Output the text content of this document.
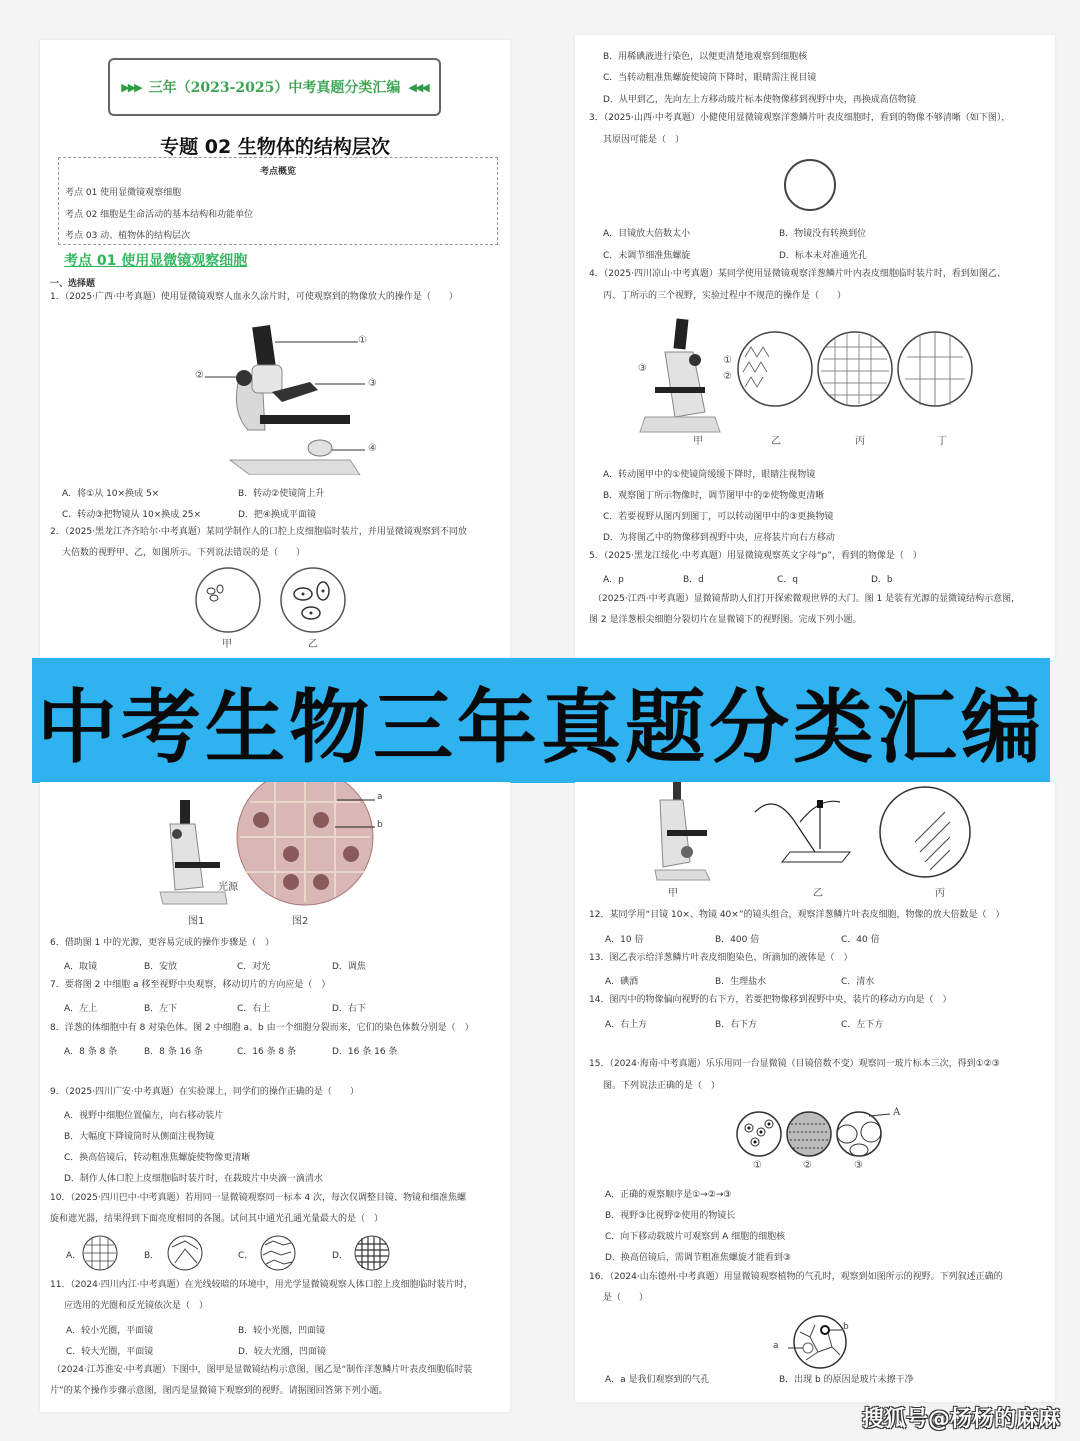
▶▶▶ 三年（2023-2025）中考真题分类汇编 ◀◀◀
专题 02 生物体的结构层次
考点概览
考点 01 使用显微镜观察细胞
考点 02 细胞是生命活动的基本结构和功能单位
考点 03 动、植物体的结构层次
考点 01 使用显微镜观察细胞
一、选择题
1．（2025·广西·中考真题）使用显微镜观察人血永久涂片时，可使观察到的物像放大的操作是（　　）
①
②
③
④
A．将①从 10×换成 5×	B．转动②使镜筒上升
C．转动③把物镜从 10×换成 25×	D．把④换成平面镜
2．（2025·黑龙江齐齐哈尔·中考真题）某同学制作人的口腔上皮细胞临时装片，并用显微镜观察到不同放
大倍数的视野甲、乙，如图所示。下列说法错误的是（　　）
甲	乙
B．用稀碘液进行染色，以便更清楚地观察到细胞核
C．当转动粗准焦螺旋使镜筒下降时，眼睛需注视目镜
D．从甲到乙，先向左上方移动玻片标本使物像移到视野中央，再换成高倍物镜
3．（2025·山西·中考真题）小健使用显微镜观察洋葱鳞片叶表皮细胞时，看到的物像不够清晰（如下图），
其原因可能是（　）
A．目镜放大倍数太小	B．物镜没有转换到位
C．未调节细准焦螺旋	D．标本未对准通光孔
4．（2025·四川凉山·中考真题）某同学使用显微镜观察洋葱鳞片叶内表皮细胞临时装片时，看到如图乙、
丙、丁所示的三个视野，实验过程中不规范的操作是（　　）
①
②
③
甲	乙	丙	丁
A．转动图甲中的①使镜筒缓缓下降时，眼睛注视物镜
B．观察图丁所示物像时，调节图甲中的②使物像更清晰
C．若要视野从图丙到图丁，可以转动图甲中的③更换物镜
D．为将图乙中的物像移到视野中央，应将装片向右方移动
5．（2025·黑龙江绥化·中考真题）用显微镜观察英文字母“p”，看到的物像是（　）
A．p	B．d	C．q	D．b
（2025·江西·中考真题）显微镜帮助人们打开探索微观世界的大门。图 1 是装有光源的显微镜结构示意图，
图 2 是洋葱根尖细胞分裂切片在显微镜下的视野图。完成下列小题。
中考生物三年真题分类汇编
a
b
光源
图1	图2
6．借助图 1 中的光源，更容易完成的操作步骤是（　）
A．取镜	B．安放	C．对光	D．调焦
7．要将图 2 中细胞 a 移至视野中央观察，移动切片的方向应是（　）
A．左上	B．左下	C．右上	D．右下
8．洋葱的体细胞中有 8 对染色体。图 2 中细胞 a、b 由一个细胞分裂而来，它们的染色体数分别是（　）
A．8 条 8 条	B．8 条 16 条	C．16 条 8 条	D．16 条 16 条
9．（2025·四川广安·中考真题）在实验课上，同学们的操作正确的是（　　）
A．视野中细胞位置偏左，向右移动装片
B．大幅度下降镜筒时从侧面注视物镜
C．换高倍镜后，转动粗准焦螺旋使物像更清晰
D．制作人体口腔上皮细胞临时装片时，在载玻片中央滴一滴清水
10．（2025·四川巴中·中考真题）若用同一显微镜观察同一标本 4 次，每次仅调整目镜、物镜和细准焦螺
旋和遮光器，结果得到下面亮度相同的各图。试问其中通光孔通光量最大的是（　）
A．	B．	C．	D．
11．（2024·四川内江·中考真题）在光线较暗的环境中，用光学显微镜观察人体口腔上皮细胞临时装片时，
应选用的光圈和反光镜依次是（　）
A．较小光圈，平面镜	B．较小光圈，凹面镜
C．较大光圈，平面镜	D．较大光圈，凹面镜
（2024·江苏淮安·中考真题）下图中，图甲是显微镜结构示意图，图乙是“制作洋葱鳞片叶表皮细胞临时装
片”的某个操作步骤示意图，图丙是显微镜下观察到的视野。请据图回答第下列小题。
甲	乙	丙
12．某同学用“目镜 10×、物镜 40×”的镜头组合，观察洋葱鳞片叶表皮细胞，物像的放大倍数是（　）
A．10 倍	B．400 倍	C．40 倍
13．图乙表示给洋葱鳞片叶表皮细胞染色，所滴加的液体是（　）
A．碘酒	B．生理盐水	C．清水
14．图丙中的物像偏向视野的右下方，若要把物像移到视野中央，装片的移动方向是（　）
A．右上方	B．右下方	C．左下方
15．（2024·海南·中考真题）乐乐用同一台显微镜（目镜倍数不变）观察同一玻片标本三次，得到①②③
图。下列说法正确的是（　）
A
①	②	③
A．正确的观察顺序是①→②→③
B．视野③比视野②使用的物镜长
C．向下移动载玻片可观察到 A 细胞的细胞核
D．换高倍镜后，需调节粗准焦螺旋才能看到③
16．（2024·山东德州·中考真题）用显微镜观察植物的气孔时，观察到如图所示的视野。下列叙述正确的
是（　　）
b
a
A．a 是我们观察到的气孔	B．出现 b 的原因是玻片未擦干净
搜狐号@杨杨的麻麻
